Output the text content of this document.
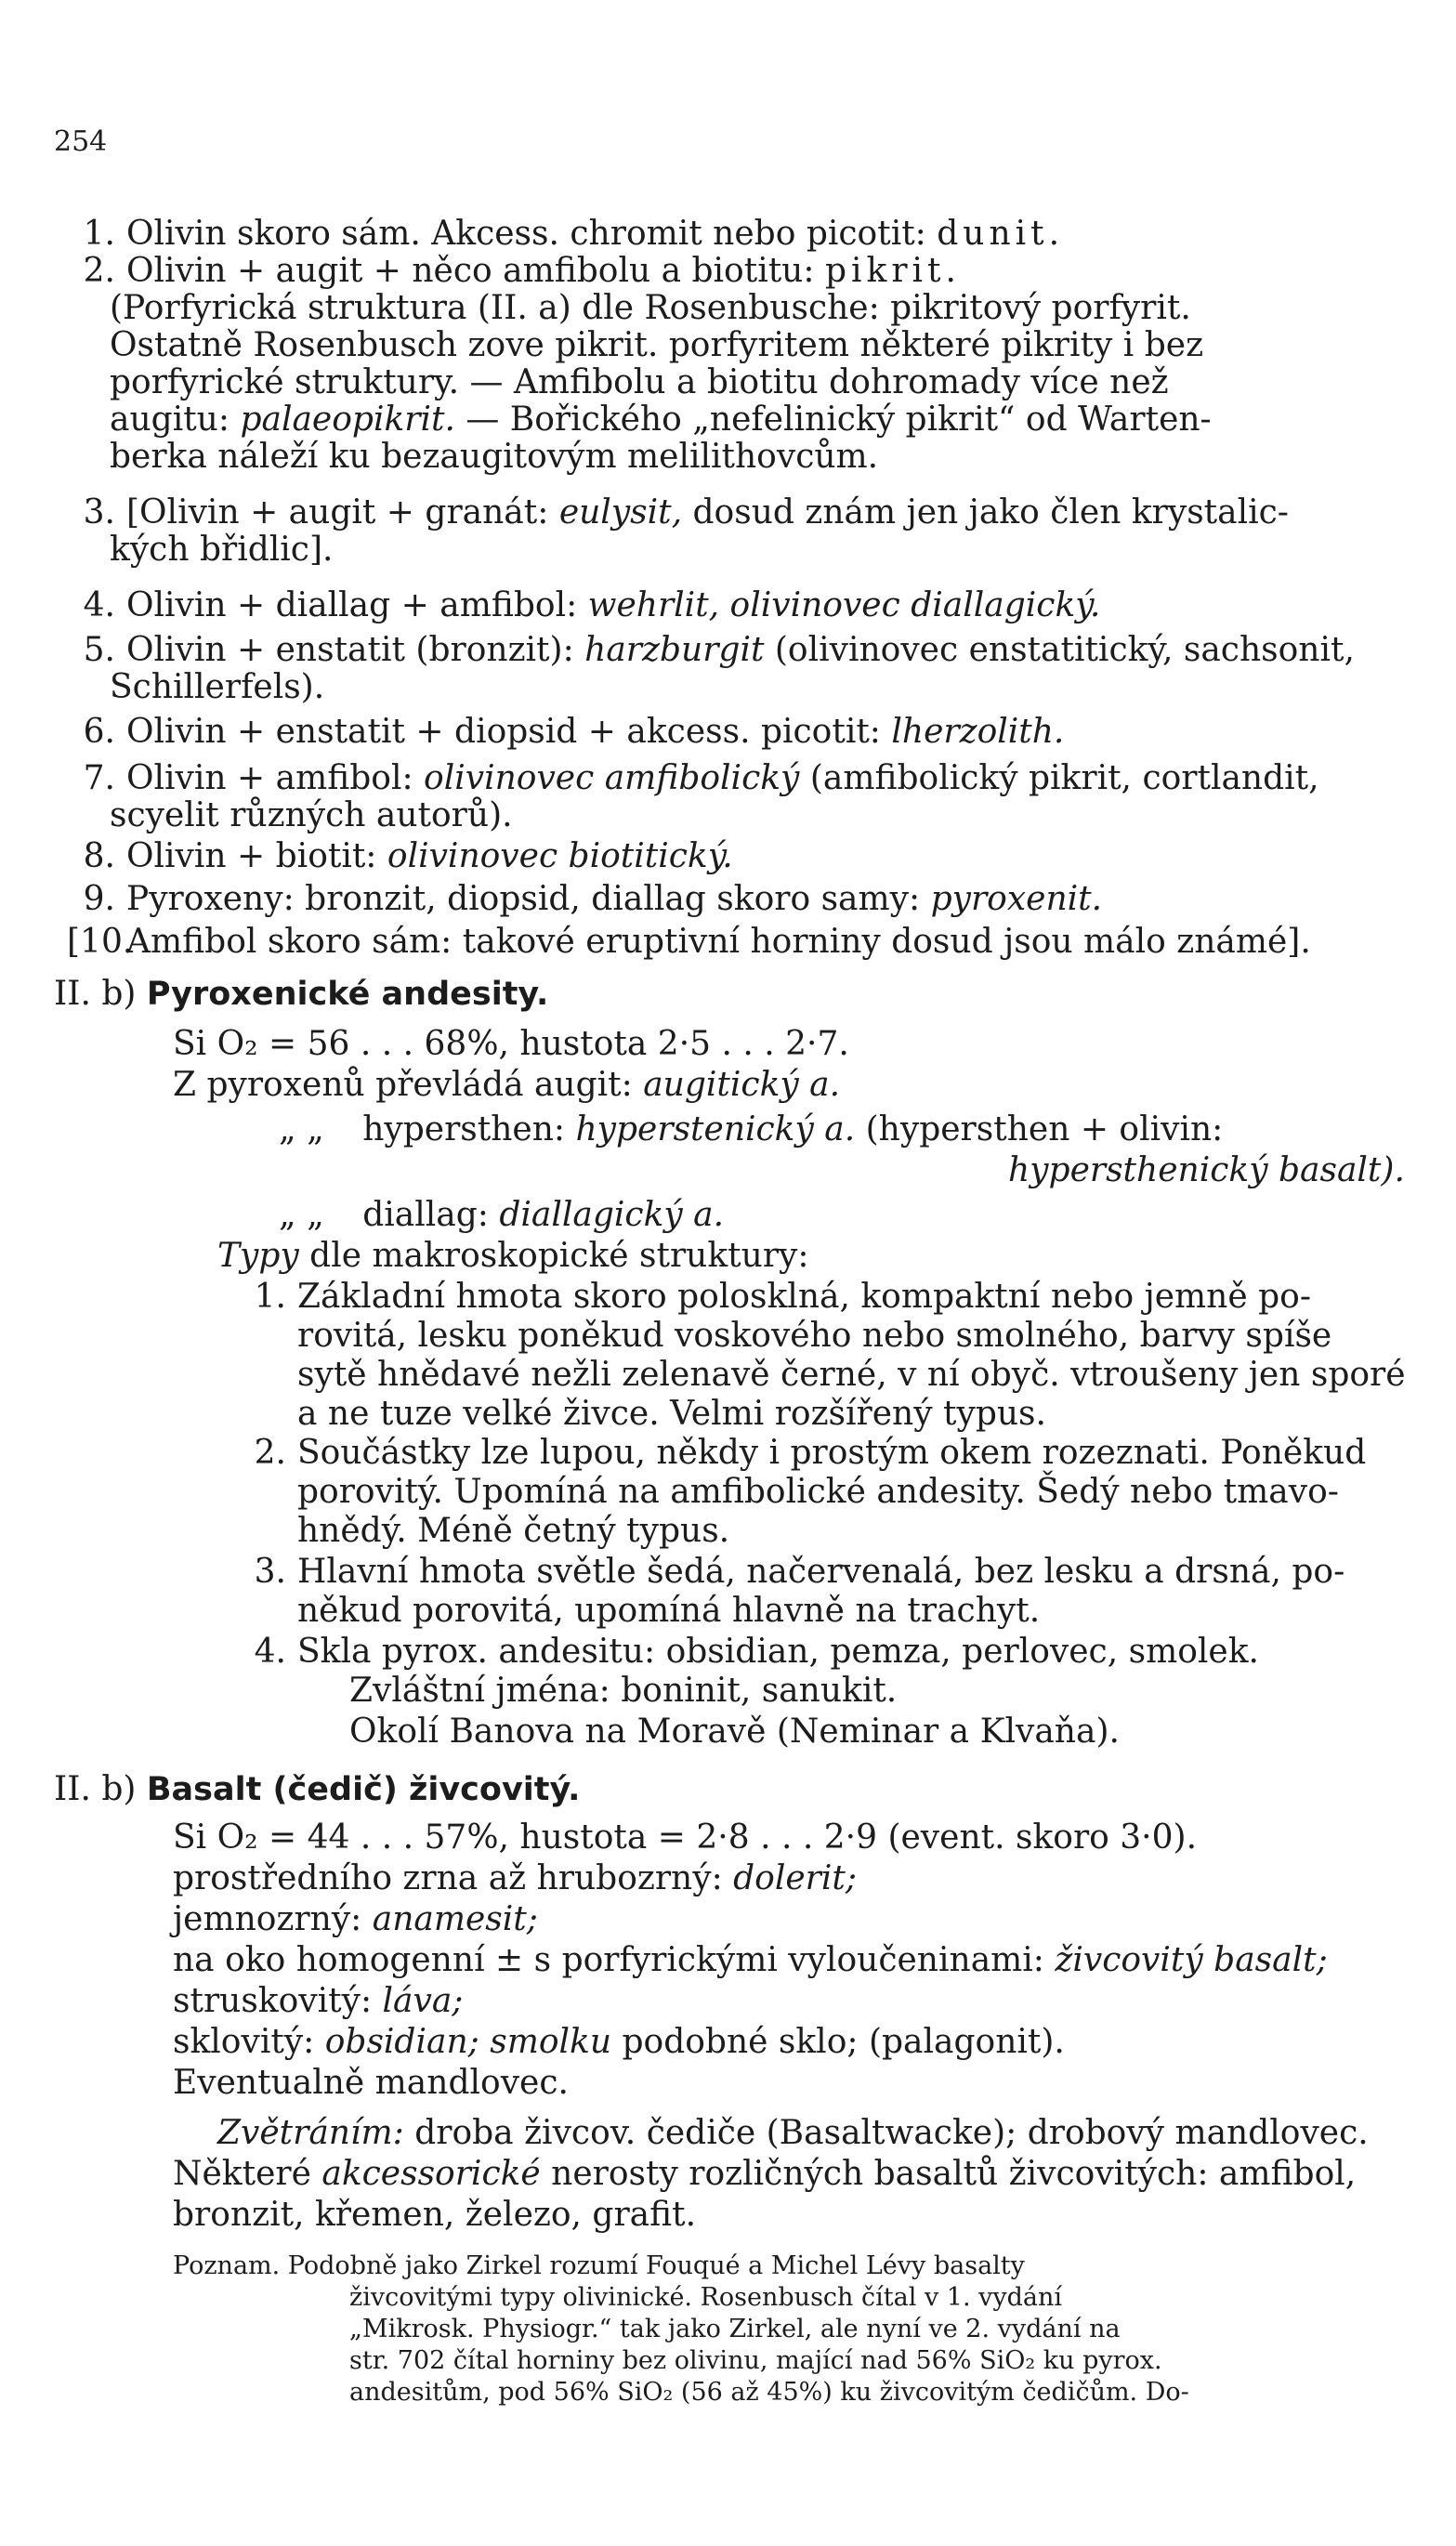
254
1. Olivin skoro sám. Akcess. chromit nebo picotit: dunit.
2. Olivin + augit + něco amfibolu a biotitu: pikrit.
(Porfyrická struktura (II. a) dle Rosenbusche: pikritový porfyrit.
Ostatně Rosenbusch zove pikrit. porfyritem některé pikrity i bez
porfyrické struktury. — Amfibolu a biotitu dohromady více než
augitu: palaeopikrit. — Bořického „nefelinický pikrit“ od Warten-
berka náleží ku bezaugitovým melilithovcům.
3. [Olivin + augit + granát: eulysit, dosud znám jen jako člen krystalic-
kých břidlic].
4. Olivin + diallag + amfibol: wehrlit, olivinovec diallagický.
5. Olivin + enstatit (bronzit): harzburgit (olivinovec enstatitický, sachsonit,
Schillerfels).
6. Olivin + enstatit + diopsid + akcess. picotit: lherzolith.
7. Olivin + amfibol: olivinovec amfibolický (amfibolický pikrit, cortlandit,
scyelit různých autorů).
8. Olivin + biotit: olivinovec biotitický.
9. Pyroxeny: bronzit, diopsid, diallag skoro samy: pyroxenit.
[10.Amfibol skoro sám: takové eruptivní horniny dosud jsou málo známé].
II. b) Pyroxenické andesity.
Si O₂ = 56 . . . 68%, hustota 2·5 . . . 2·7.
Z pyroxenů převládá augit: augitický a.
„ „ hypersthen: hyperstenický a. (hypersthen + olivin:
hypersthenický basalt).
„ „ diallag: diallagický a.
Typy dle makroskopické struktury:
1. Základní hmota skoro polosklná, kompaktní nebo jemně po-
rovitá, lesku poněkud voskového nebo smolného, barvy spíše
sytě hnědavé nežli zelenavě černé, v ní obyč. vtroušeny jen sporé
a ne tuze velké živce. Velmi rozšířený typus.
2. Součástky lze lupou, někdy i prostým okem rozeznati. Poněkud
porovitý. Upomíná na amfibolické andesity. Šedý nebo tmavo-
hnědý. Méně četný typus.
3. Hlavní hmota světle šedá, načervenalá, bez lesku a drsná, po-
někud porovitá, upomíná hlavně na trachyt.
4. Skla pyrox. andesitu: obsidian, pemza, perlovec, smolek.
Zvláštní jména: boninit, sanukit.
Okolí Banova na Moravě (Neminar a Klvaňa).
II. b) Basalt (čedič) živcovitý.
Si O₂ = 44 . . . 57%, hustota = 2·8 . . . 2·9 (event. skoro 3·0).
prostředního zrna až hrubozrný: dolerit;
jemnozrný: anamesit;
na oko homogenní ± s porfyrickými vyloučeninami: živcovitý basalt;
struskovitý: láva;
sklovitý: obsidian; smolku podobné sklo; (palagonit).
Eventualně mandlovec.
Zvětráním: droba živcov. čediče (Basaltwacke); drobový mandlovec.
Některé akcessorické nerosty rozličných basaltů živcovitých: amfibol,
bronzit, křemen, železo, grafit.
Poznam. Podobně jako Zirkel rozumí Fouqué a Michel Lévy basalty
živcovitými typy olivinické. Rosenbusch čítal v 1. vydání
„Mikrosk. Physiogr.“ tak jako Zirkel, ale nyní ve 2. vydání na
str. 702 čítal horniny bez olivinu, mající nad 56% SiO₂ ku pyrox.
andesitům, pod 56% SiO₂ (56 až 45%) ku živcovitým čedičům. Do-
